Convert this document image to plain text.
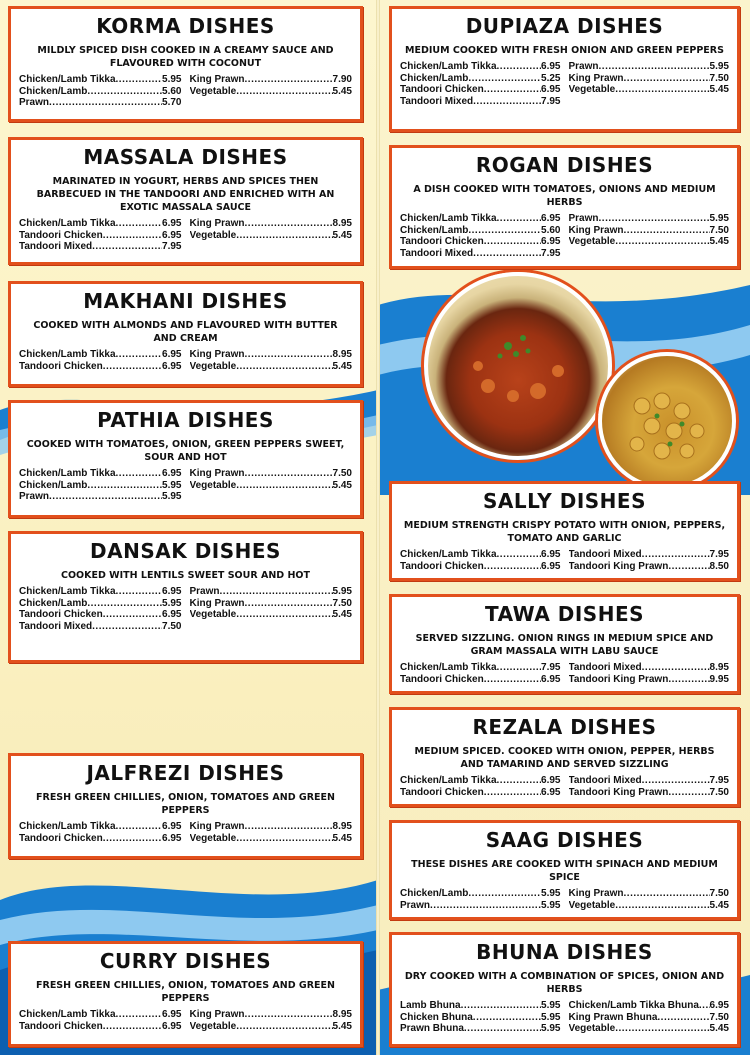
KORMA DISHES
MILDLY SPICED DISH COOKED IN A CREAMY SAUCE AND FLAVOURED WITH COCONUT
Chicken/Lamb Tikka .....	5.95 King Prawn .....	7.90
Chicken/Lamb .....	5.60 Vegetable .....	5.45
Prawn .....	5.70
MASSALA DISHES
MARINATED IN YOGURT, HERBS AND SPICES THEN BARBECUED IN THE TANDOORI AND ENRICHED WITH AN EXOTIC MASSALA SAUCE
Chicken/Lamb Tikka .....	6.95 King Prawn .....	8.95
Tandoori Chicken .....	6.95 Vegetable .....	5.45
Tandoori Mixed .....	7.95
MAKHANI DISHES
COOKED WITH ALMONDS AND FLAVOURED WITH BUTTER AND CREAM
Chicken/Lamb Tikka .....	6.95 King Prawn .....	8.95
Tandoori Chicken .....	6.95 Vegetable .....	5.45
PATHIA DISHES
COOKED WITH TOMATOES, ONION, GREEN PEPPERS SWEET, SOUR AND HOT
Chicken/Lamb Tikka .....	6.95 King Prawn .....	7.50
Chicken/Lamb .....	5.95 Vegetable .....	5.45
Prawn .....	5.95
DANSAK DISHES
COOKED WITH LENTILS SWEET SOUR AND HOT
Chicken/Lamb Tikka .....	6.95 Prawn .....	5.95
Chicken/Lamb .....	5.95 King Prawn .....	7.50
Tandoori Chicken .....	6.95 Vegetable .....	5.45
Tandoori Mixed .....	7.50
JALFREZI DISHES
FRESH GREEN CHILLIES, ONION, TOMATOES AND GREEN PEPPERS
Chicken/Lamb Tikka .....	6.95 King Prawn .....	8.95
Tandoori Chicken .....	6.95 Vegetable .....	5.45
CURRY DISHES
FRESH GREEN CHILLIES, ONION, TOMATOES AND GREEN PEPPERS
Chicken/Lamb Tikka .....	6.95 King Prawn .....	8.95
Tandoori Chicken .....	6.95 Vegetable .....	5.45
DUPIAZA DISHES
MEDIUM COOKED WITH FRESH ONION AND GREEN PEPPERS
Chicken/Lamb Tikka .....	6.95 Prawn .....	5.95
Chicken/Lamb .....	5.25 King Prawn .....	7.50
Tandoori Chicken .....	6.95 Vegetable .....	5.45
Tandoori Mixed .....	7.95
ROGAN DISHES
A DISH COOKED WITH TOMATOES, ONIONS AND MEDIUM HERBS
Chicken/Lamb Tikka .....	6.95 Prawn .....	5.95
Chicken/Lamb .....	5.60 King Prawn .....	7.50
Tandoori Chicken .....	6.95 Vegetable .....	5.45
Tandoori Mixed .....	7.95
SALLY DISHES
MEDIUM STRENGTH CRISPY POTATO WITH ONION, PEPPERS, TOMATO AND GARLIC
Chicken/Lamb Tikka .....	6.95 Tandoori Mixed .....	7.95
Tandoori Chicken .....	6.95 Tandoori King Prawn .....	8.50
TAWA DISHES
SERVED SIZZLING. ONION RINGS IN MEDIUM SPICE AND GRAM MASSALA WITH LABU SAUCE
Chicken/Lamb Tikka .....	7.95 Tandoori Mixed .....	8.95
Tandoori Chicken .....	6.95 Tandoori King Prawn .....	9.95
REZALA DISHES
MEDIUM SPICED. COOKED WITH ONION, PEPPER, HERBS AND TAMARIND AND SERVED SIZZLING
Chicken/Lamb Tikka .....	6.95 Tandoori Mixed .....	7.95
Tandoori Chicken .....	6.95 Tandoori King Prawn .....	7.50
SAAG DISHES
THESE DISHES ARE COOKED WITH SPINACH AND MEDIUM SPICE
Chicken/Lamb .....	5.95 King Prawn .....	7.50
Prawn .....	5.95 Vegetable .....	5.45
BHUNA DISHES
DRY COOKED WITH A COMBINATION OF SPICES, ONION AND HERBS
Lamb Bhuna .....	5.95 Chicken/Lamb Tikka Bhuna ..... 6.95
Chicken Bhuna .....	5.95 King Prawn Bhuna .....	7.50
Prawn Bhuna .....	5.95 Vegetable .....	5.45
